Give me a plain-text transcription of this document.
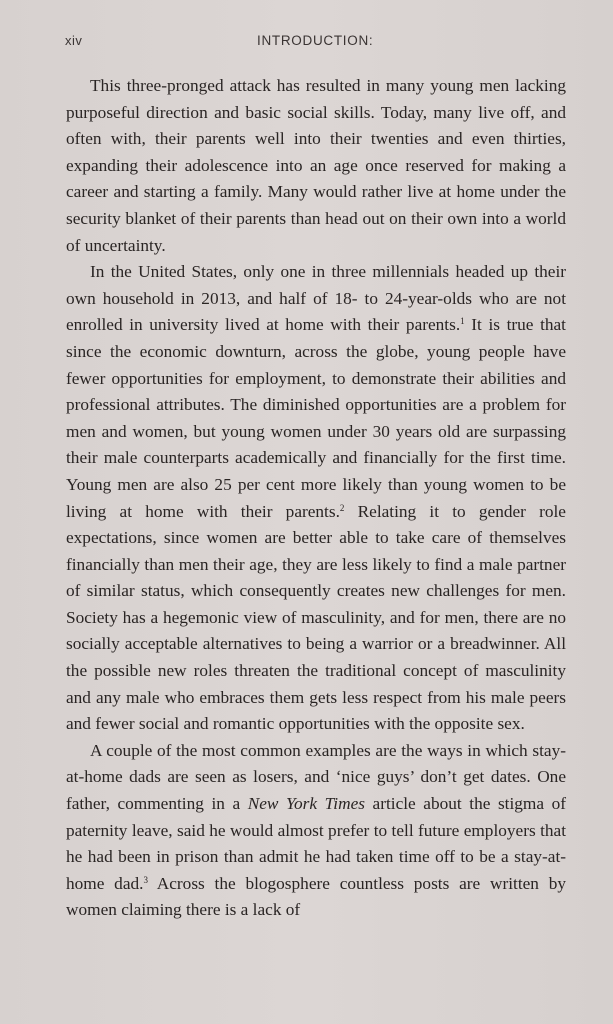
xiv	INTRODUCTION:

This three-pronged attack has resulted in many young men lacking purposeful direction and basic social skills. Today, many live off, and often with, their parents well into their twenties and even thirties, expanding their adolescence into an age once reserved for making a career and starting a family. Many would rather live at home under the security blanket of their parents than head out on their own into a world of uncertainty.

In the United States, only one in three millennials headed up their own household in 2013, and half of 18- to 24-year-olds who are not enrolled in university lived at home with their parents.$^1$ It is true that since the economic downturn, across the globe, young people have fewer opportunities for employment, to demonstrate their abilities and professional attributes. The diminished opportunities are a problem for men and women, but young women under 30 years old are surpassing their male counterparts academically and financially for the first time. Young men are also 25 per cent more likely than young women to be living at home with their parents.$^2$ Relating it to gender role expectations, since women are better able to take care of themselves financially than men their age, they are less likely to find a male partner of similar status, which consequently creates new challenges for men. Society has a hegemonic view of masculinity, and for men, there are no socially acceptable alternatives to being a warrior or a breadwinner. All the possible new roles threaten the traditional concept of masculinity and any male who embraces them gets less respect from his male peers and fewer social and romantic opportunities with the opposite sex.

A couple of the most common examples are the ways in which stay-at-home dads are seen as losers, and ‘nice guys’ don’t get dates. One father, commenting in a New York Times article about the stigma of paternity leave, said he would almost prefer to tell future employers that he had been in prison than admit he had taken time off to be a stay-at-home dad.$^3$ Across the blogosphere countless posts are written by women claiming there is a lack of
